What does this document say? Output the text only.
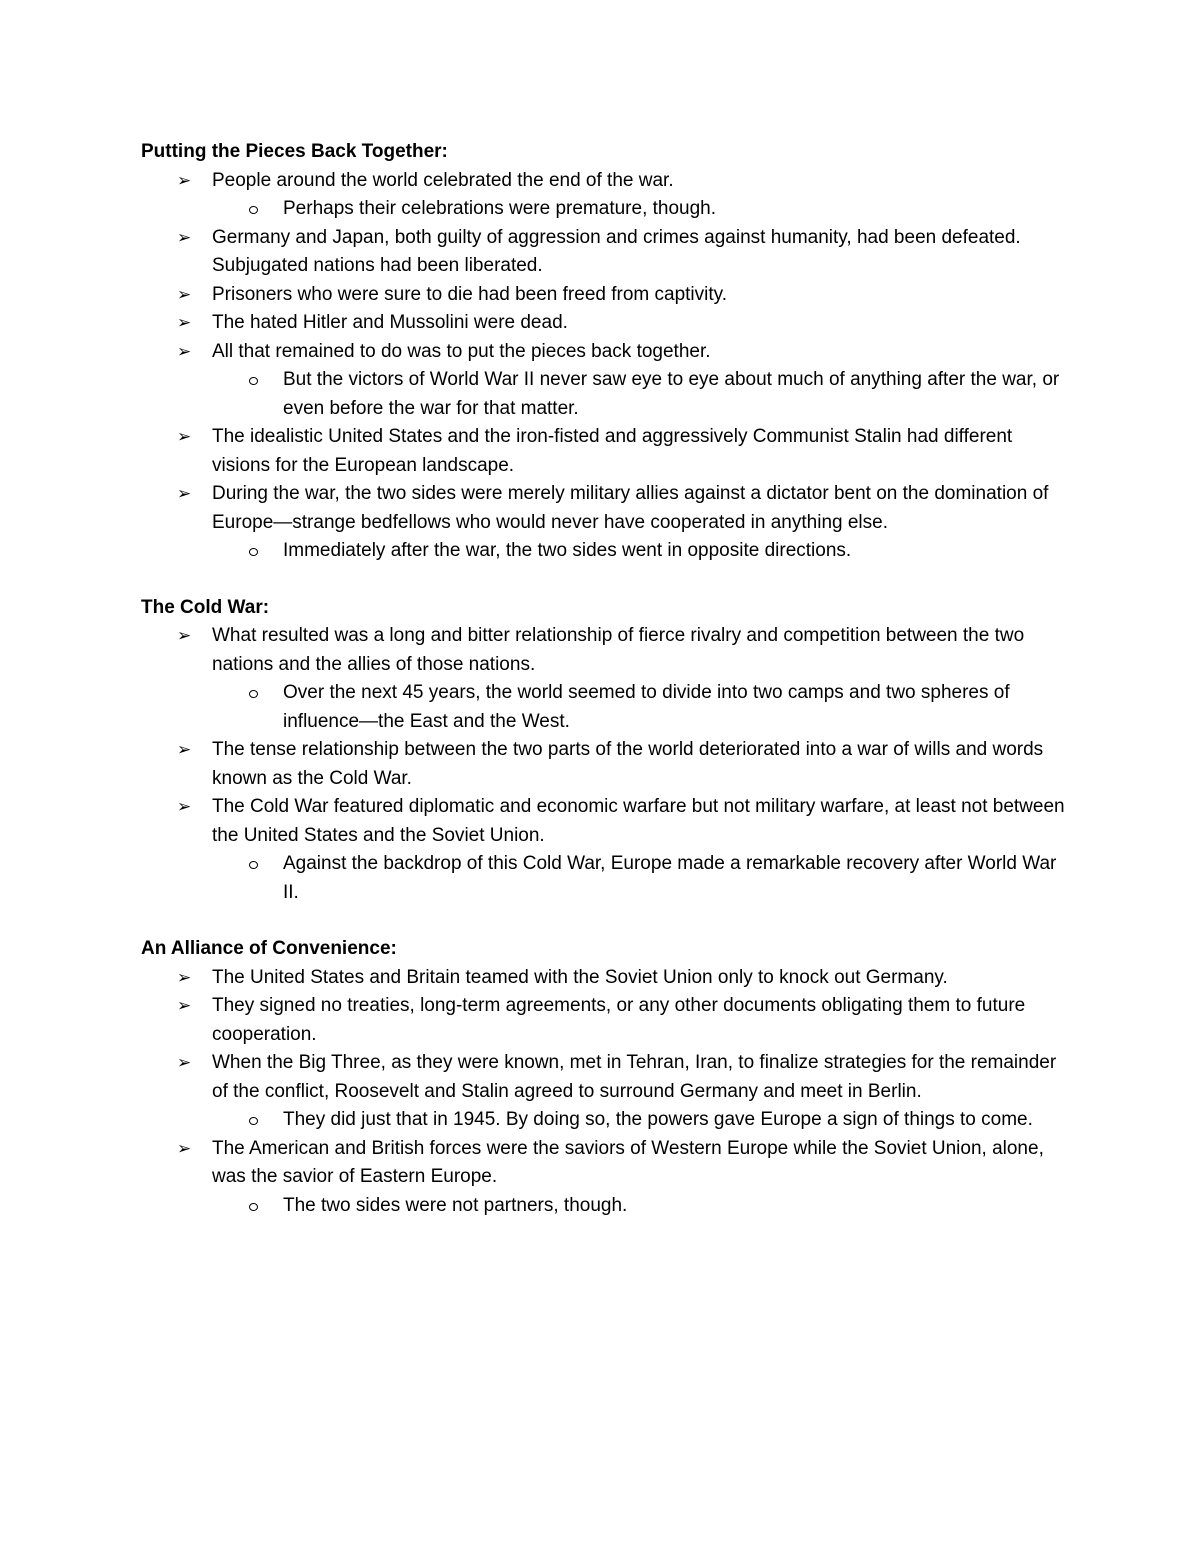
Putting the Pieces Back Together:
➢ People around the world celebrated the end of the war.
Perhaps their celebrations were premature, though.
➢ Germany and Japan, both guilty of aggression and crimes against humanity, had been defeated. Subjugated nations had been liberated.
➢ Prisoners who were sure to die had been freed from captivity.
➢ The hated Hitler and Mussolini were dead.
➢ All that remained to do was to put the pieces back together.
But the victors of World War II never saw eye to eye about much of anything after the war, or even before the war for that matter.
➢ The idealistic United States and the iron-fisted and aggressively Communist Stalin had different visions for the European landscape.
➢ During the war, the two sides were merely military allies against a dictator bent on the domination of Europe—strange bedfellows who would never have cooperated in anything else.
Immediately after the war, the two sides went in opposite directions.
The Cold War:
➢ What resulted was a long and bitter relationship of fierce rivalry and competition between the two nations and the allies of those nations.
Over the next 45 years, the world seemed to divide into two camps and two spheres of influence—the East and the West.
➢ The tense relationship between the two parts of the world deteriorated into a war of wills and words known as the Cold War.
➢ The Cold War featured diplomatic and economic warfare but not military warfare, at least not between the United States and the Soviet Union.
Against the backdrop of this Cold War, Europe made a remarkable recovery after World War II.
An Alliance of Convenience:
➢ The United States and Britain teamed with the Soviet Union only to knock out Germany.
➢ They signed no treaties, long-term agreements, or any other documents obligating them to future cooperation.
➢ When the Big Three, as they were known, met in Tehran, Iran, to finalize strategies for the remainder of the conflict, Roosevelt and Stalin agreed to surround Germany and meet in Berlin.
They did just that in 1945. By doing so, the powers gave Europe a sign of things to come.
➢ The American and British forces were the saviors of Western Europe while the Soviet Union, alone, was the savior of Eastern Europe.
The two sides were not partners, though.
